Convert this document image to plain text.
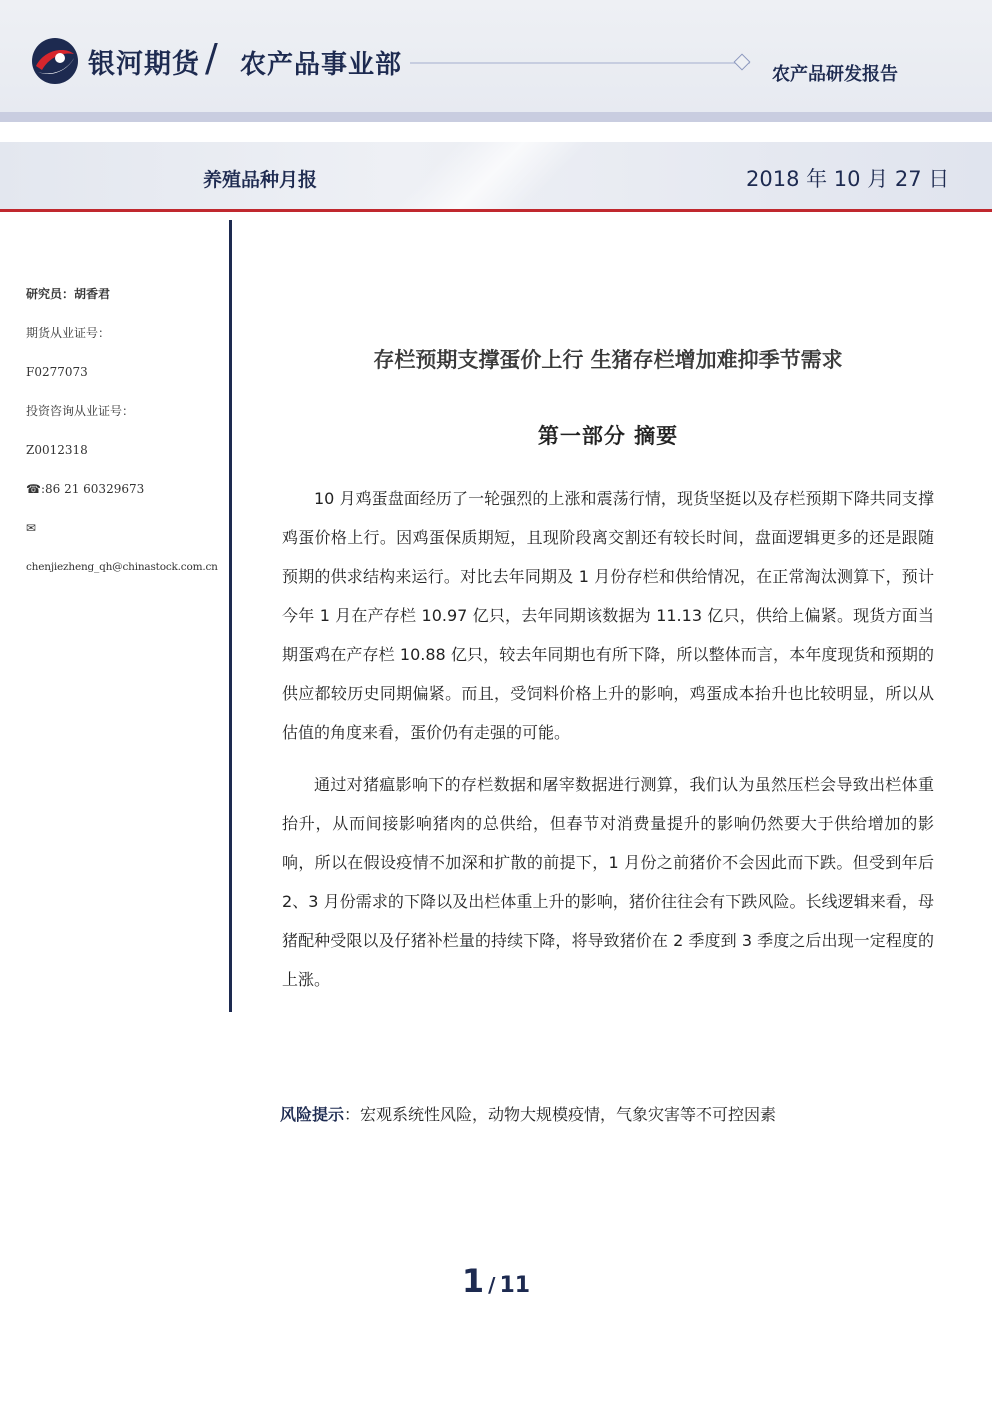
银河期货 / 农产品事业部	农产品研发报告
养殖品种月报	2018 年 10 月 27 日
研究员：胡香君
期货从业证号：
F0277073
投资咨询从业证号：
Z0012318
☎:86 21 60329673
✉
chenjiezheng_qh@chinastock.com.cn
存栏预期支撑蛋价上行 生猪存栏增加难抑季节需求
第一部分 摘要

10 月鸡蛋盘面经历了一轮强烈的上涨和震荡行情，现货坚挺以及存栏预期下降共同支撑鸡蛋价格上行。因鸡蛋保质期短，且现阶段离交割还有较长时间，盘面逻辑更多的还是跟随预期的供求结构来运行。对比去年同期及 1 月份存栏和供给情况，在正常淘汰测算下，预计今年 1 月在产存栏 10.97 亿只，去年同期该数据为 11.13 亿只，供给上偏紧。现货方面当期蛋鸡在产存栏 10.88 亿只，较去年同期也有所下降，所以整体而言，本年度现货和预期的供应都较历史同期偏紧。而且，受饲料价格上升的影响，鸡蛋成本抬升也比较明显，所以从估值的角度来看，蛋价仍有走强的可能。

通过对猪瘟影响下的存栏数据和屠宰数据进行测算，我们认为虽然压栏会导致出栏体重抬升，从而间接影响猪肉的总供给，但春节对消费量提升的影响仍然要大于供给增加的影响，所以在假设疫情不加深和扩散的前提下，1 月份之前猪价不会因此而下跌。但受到年后 2、3 月份需求的下降以及出栏体重上升的影响，猪价往往会有下跌风险。长线逻辑来看，母猪配种受限以及仔猪补栏量的持续下降，将导致猪价在 2 季度到 3 季度之后出现一定程度的上涨。

风险提示：宏观系统性风险，动物大规模疫情，气象灾害等不可控因素
1 / 11
